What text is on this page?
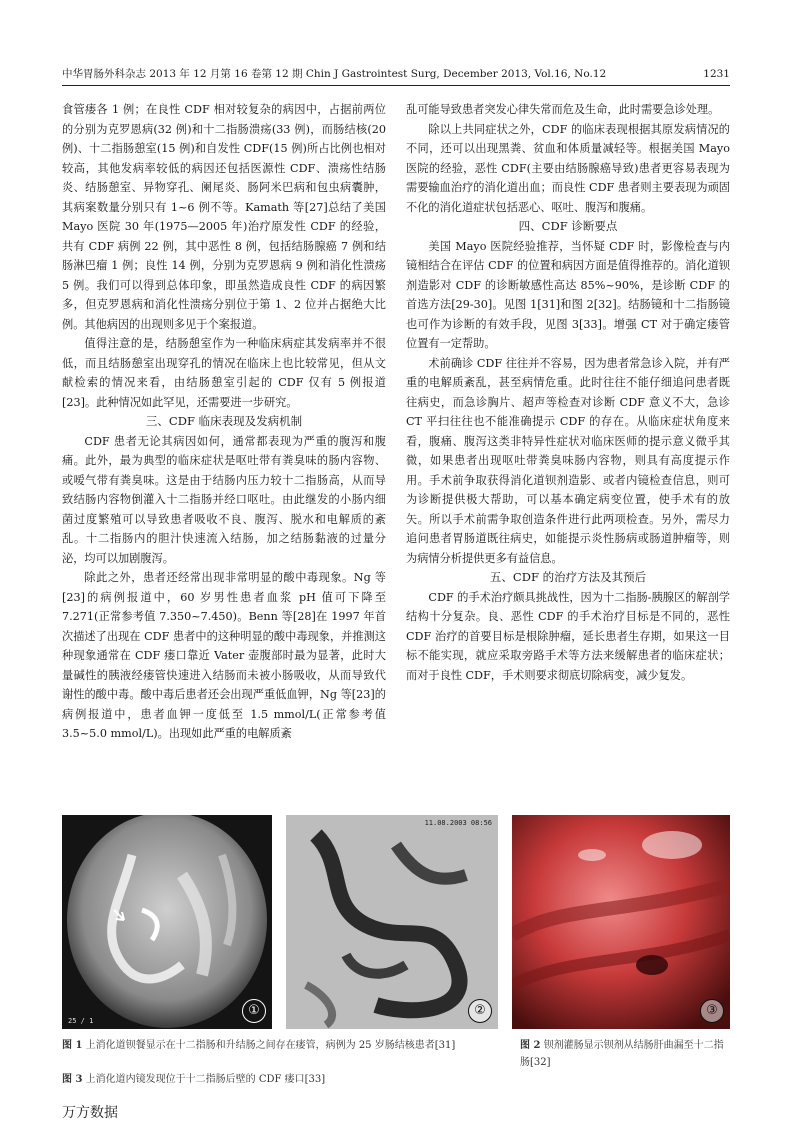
中华胃肠外科杂志 2013 年 12 月第 16 卷第 12 期 Chin J Gastrointest Surg, December 2013, Vol.16, No.12	1231

食管瘘各 1 例；在良性 CDF 相对较复杂的病因中，占据前两位的分别为克罗恩病(32 例)和十二指肠溃疡(33 例)，而肠结核(20 例)、十二指肠憩室(15 例)和自发性 CDF(15 例)所占比例也相对较高，其他发病率较低的病因还包括医源性 CDF、溃疡性结肠炎、结肠憩室、异物穿孔、阑尾炎、肠阿米巴病和包虫病囊肿，其病案数量分别只有 1~6 例不等。Kamath 等[27]总结了美国 Mayo 医院 30 年(1975—2005 年)治疗原发性 CDF 的经验，共有 CDF 病例 22 例，其中恶性 8 例，包括结肠腺癌 7 例和结肠淋巴瘤 1 例；良性 14 例，分别为克罗恩病 9 例和消化性溃疡 5 例。我们可以得到总体印象，即虽然造成良性 CDF 的病因繁多，但克罗恩病和消化性溃疡分别位于第 1、2 位并占据绝大比例。其他病因的出现则多见于个案报道。

值得注意的是，结肠憩室作为一种临床病症其发病率并不很低，而且结肠憩室出现穿孔的情况在临床上也比较常见，但从文献检索的情况来看，由结肠憩室引起的 CDF 仅有 5 例报道[23]。此种情况如此罕见，还需要进一步研究。

三、CDF 临床表现及发病机制

CDF 患者无论其病因如何，通常都表现为严重的腹泻和腹痛。此外，最为典型的临床症状是呕吐带有粪臭味的肠内容物、或嗳气带有粪臭味。这是由于结肠内压力较十二指肠高，从而导致结肠内容物倒灌入十二指肠并经口呕吐。由此继发的小肠内细菌过度繁殖可以导致患者吸收不良、腹泻、脱水和电解质的紊乱。十二指肠内的胆汁快速流入结肠，加之结肠黏液的过量分泌，均可以加剧腹泻。

除此之外，患者还经常出现非常明显的酸中毒现象。Ng 等[23]的病例报道中，60 岁男性患者血浆 pH 值可下降至7.271(正常参考值 7.350~7.450)。Benn 等[28]在 1997 年首次描述了出现在 CDF 患者中的这种明显的酸中毒现象，并推测这种现象通常在 CDF 瘘口靠近 Vater 壶腹部时最为显著，此时大量碱性的胰液经瘘管快速进入结肠而未被小肠吸收，从而导致代谢性的酸中毒。酸中毒后患者还会出现严重低血钾，Ng 等[23]的病例报道中，患者血钾一度低至 1.5 mmol/L(正常参考值 3.5~5.0 mmol/L)。出现如此严重的电解质紊

乱可能导致患者突发心律失常而危及生命，此时需要急诊处理。

除以上共同症状之外，CDF 的临床表现根据其原发病情况的不同，还可以出现黑粪、贫血和体质量减轻等。根据美国 Mayo 医院的经验，恶性 CDF(主要由结肠腺癌导致)患者更容易表现为需要输血治疗的消化道出血；而良性 CDF 患者则主要表现为顽固不化的消化道症状包括恶心、呕吐、腹泻和腹痛。

四、CDF 诊断要点

美国 Mayo 医院经验推荐，当怀疑 CDF 时，影像检查与内镜相结合在评估 CDF 的位置和病因方面是值得推荐的。消化道钡剂造影对 CDF 的诊断敏感性高达 85%~90%，是诊断 CDF 的首选方法[29-30]。见图 1[31]和图 2[32]。结肠镜和十二指肠镜也可作为诊断的有效手段，见图 3[33]。增强 CT 对于确定瘘管位置有一定帮助。

术前确诊 CDF 往往并不容易，因为患者常急诊入院，并有严重的电解质紊乱，甚至病情危重。此时往往不能仔细追问患者既往病史，而急诊胸片、超声等检查对诊断 CDF 意义不大，急诊 CT 平扫往往也不能准确提示 CDF 的存在。从临床症状角度来看，腹痛、腹泻这类非特异性症状对临床医师的提示意义微乎其微，如果患者出现呕吐带粪臭味肠内容物，则具有高度提示作用。手术前争取获得消化道钡剂造影、或者内镜检查信息，则可为诊断提供极大帮助，可以基本确定病变位置，使手术有的放矢。所以手术前需争取创造条件进行此两项检查。另外，需尽力追问患者胃肠道既往病史，如能提示炎性肠病或肠道肿瘤等，则为病情分析提供更多有益信息。

五、CDF 的治疗方法及其预后

CDF 的手术治疗颇具挑战性，因为十二指肠-胰腺区的解剖学结构十分复杂。良、恶性 CDF 的手术治疗目标是不同的，恶性 CDF 治疗的首要目标是根除肿瘤，延长患者生存期，如果这一目标不能实现，就应采取旁路手术等方法来缓解患者的临床症状；而对于良性 CDF，手术则要求彻底切除病变，减少复发。

25 / 1
①
11.08.2003 08:56
②	③
图 1 上消化道钡餐显示在十二指肠和升结肠之间存在瘘管，病例为 25 岁肠结核患者[31]	图 2 钡剂灌肠显示钡剂从结肠肝曲漏至十二指肠[32]
图 3 上消化道内镜发现位于十二指肠后壁的 CDF 瘘口[33]
万方数据
